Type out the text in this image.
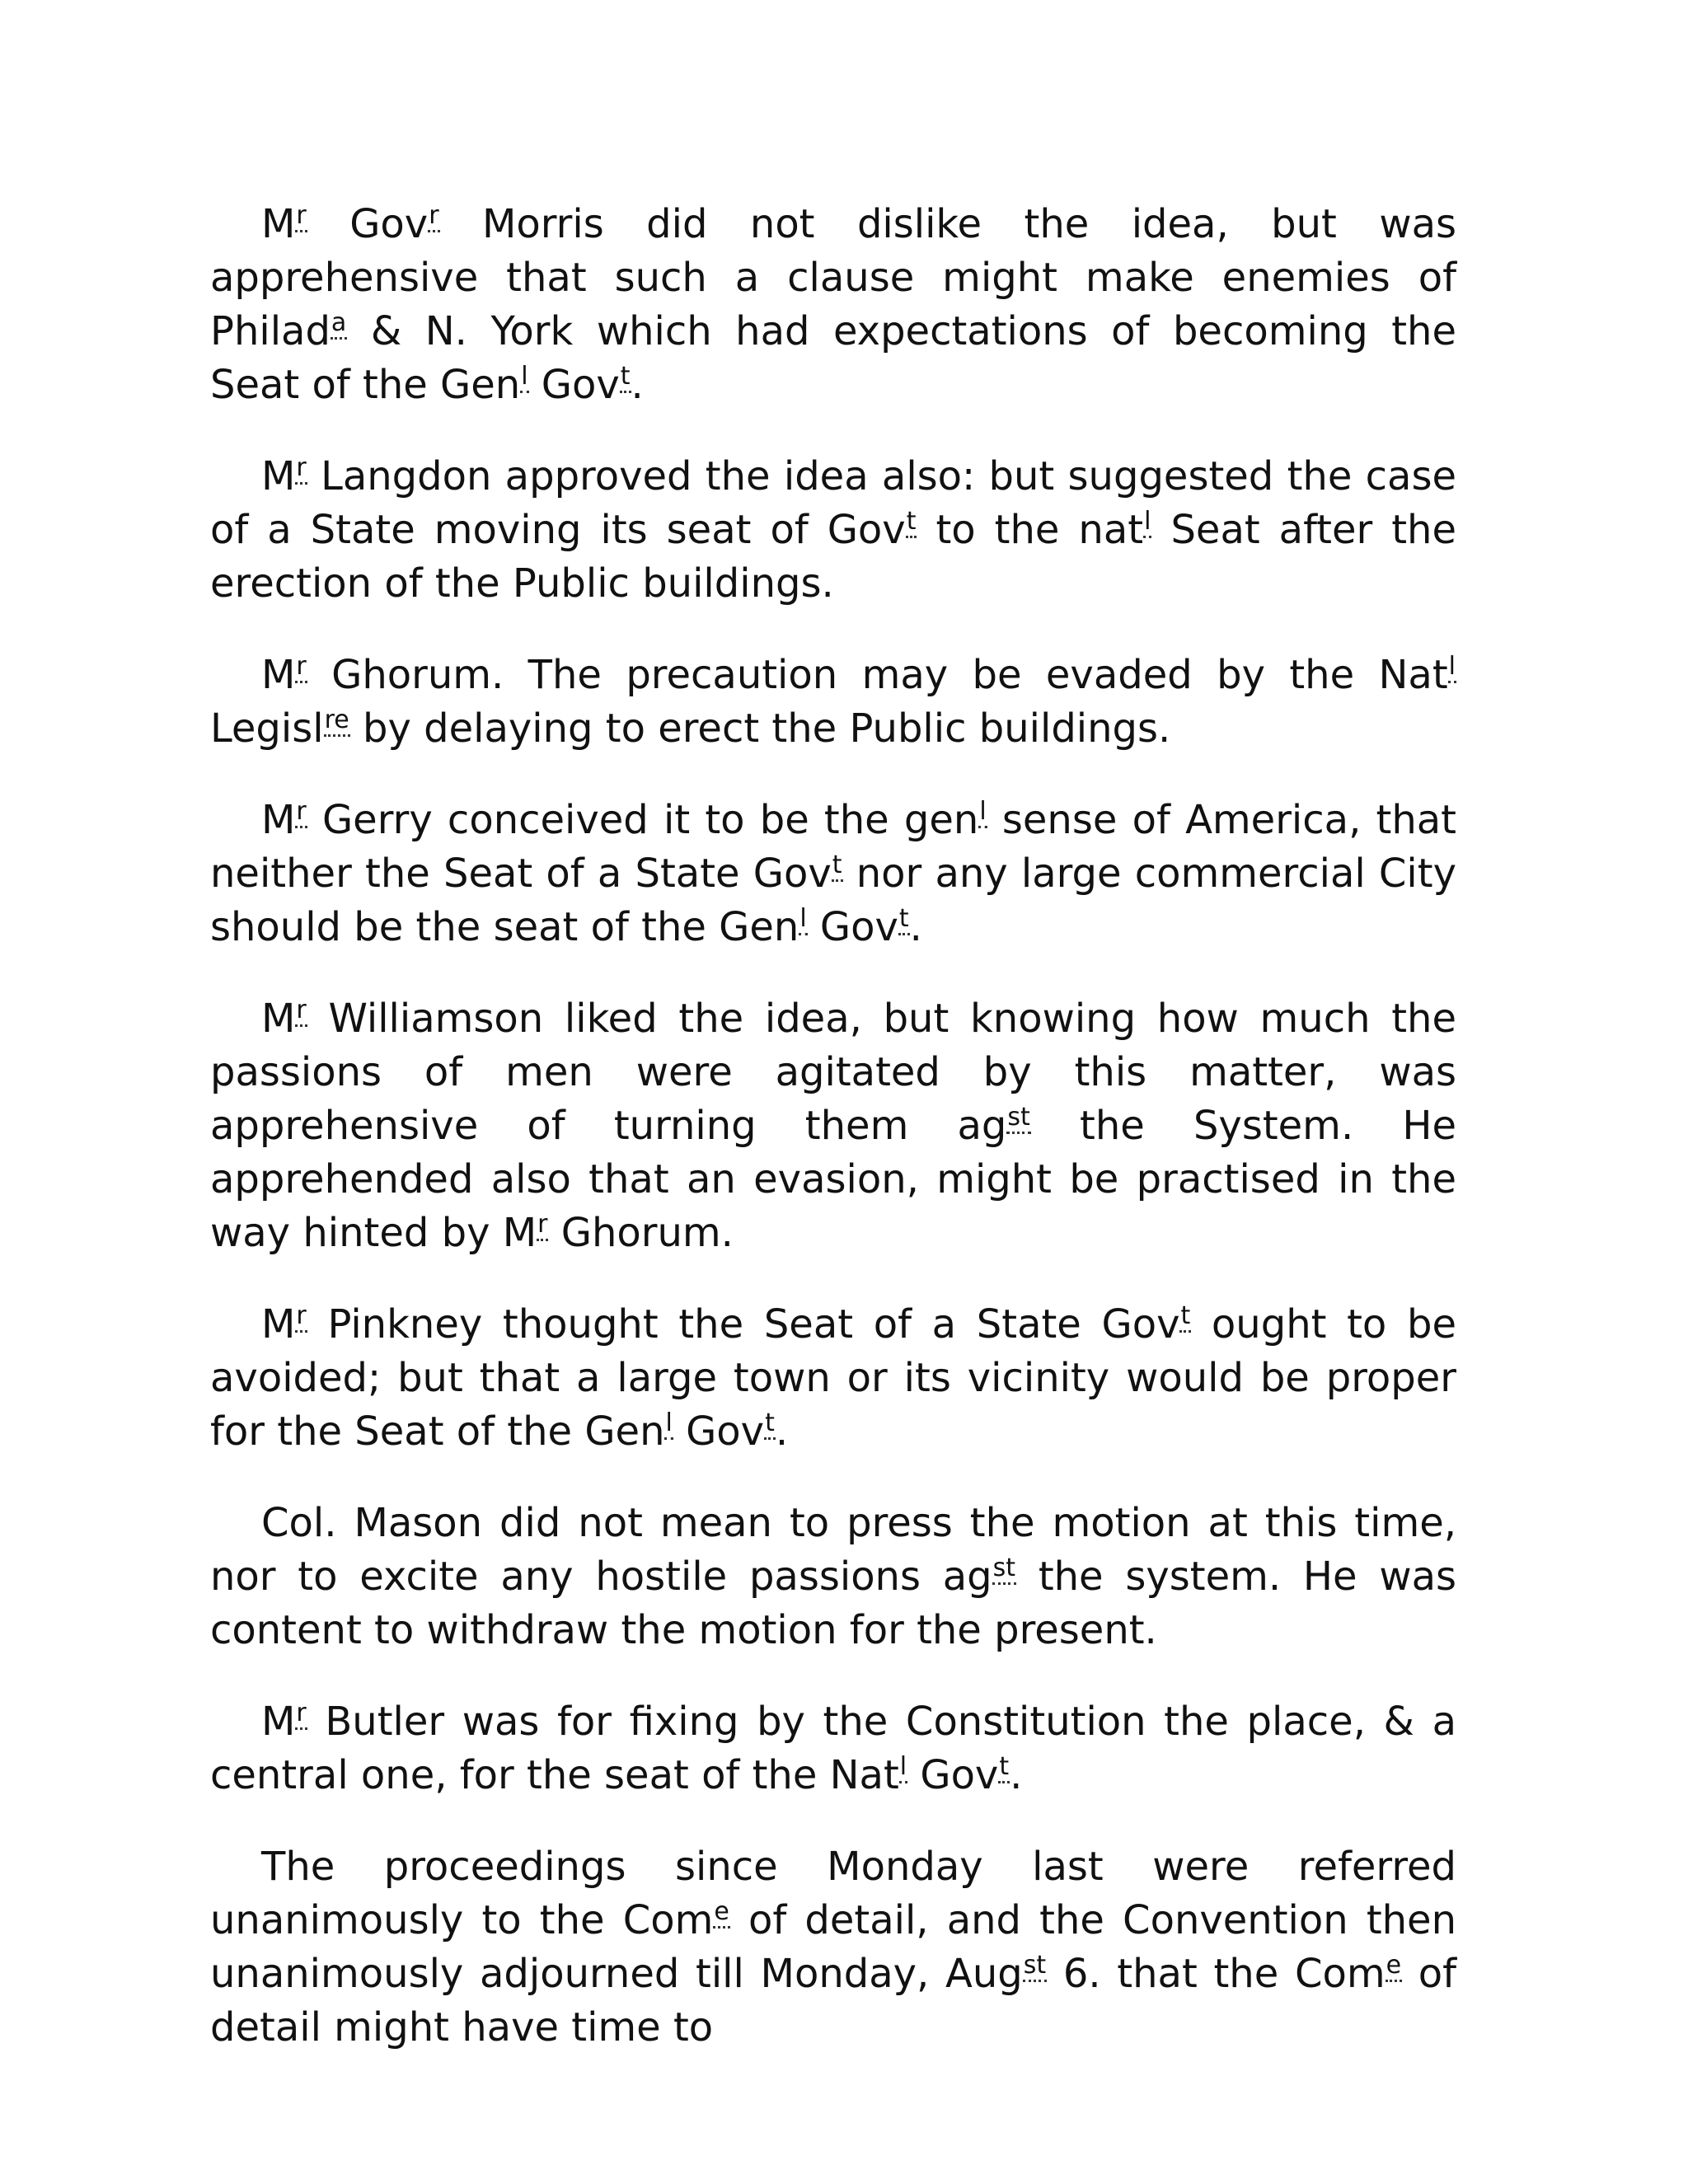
$M^r$ Gov$^r$ Morris did not dislike the idea, but was apprehensive that such a clause might make enemies of Philad$^a$ & N. York which had expectations of becoming the Seat of the Gen$^l$ Gov$^t$.

$M^r$ Langdon approved the idea also: but suggested the case of a State moving its seat of Gov$^t$ to the nat$^l$ Seat after the erection of the Public buildings.

$M^r$ Ghorum. The precaution may be evaded by the Nat$^l$ Legisl$^{re}$ by delaying to erect the Public buildings.

$M^r$ Gerry conceived it to be the gen$^l$ sense of America, that neither the Seat of a State Gov$^t$ nor any large commercial City should be the seat of the Gen$^l$ Gov$^t$.

$M^r$ Williamson liked the idea, but knowing how much the passions of men were agitated by this matter, was apprehensive of turning them $ag^{st}$ the System. He apprehended also that an evasion, might be practised in the way hinted by $M^r$ Ghorum.

$M^r$ Pinkney thought the Seat of a State Gov$^t$ ought to be avoided; but that a large town or its vicinity would be proper for the Seat of the Gen$^l$ Gov$^t$.

Col. Mason did not mean to press the motion at this time, nor to excite any hostile passions $ag^{st}$ the system. He was content to withdraw the motion for the present.

$M^r$ Butler was for fixing by the Constitution the place, & a central one, for the seat of the Nat$^l$ Gov$^t$.

The proceedings since Monday last were referred unanimously to the Com$^e$ of detail, and the Convention then unanimously adjourned till Monday, Aug$^{st}$ 6. that the Com$^e$ of detail might have time to
